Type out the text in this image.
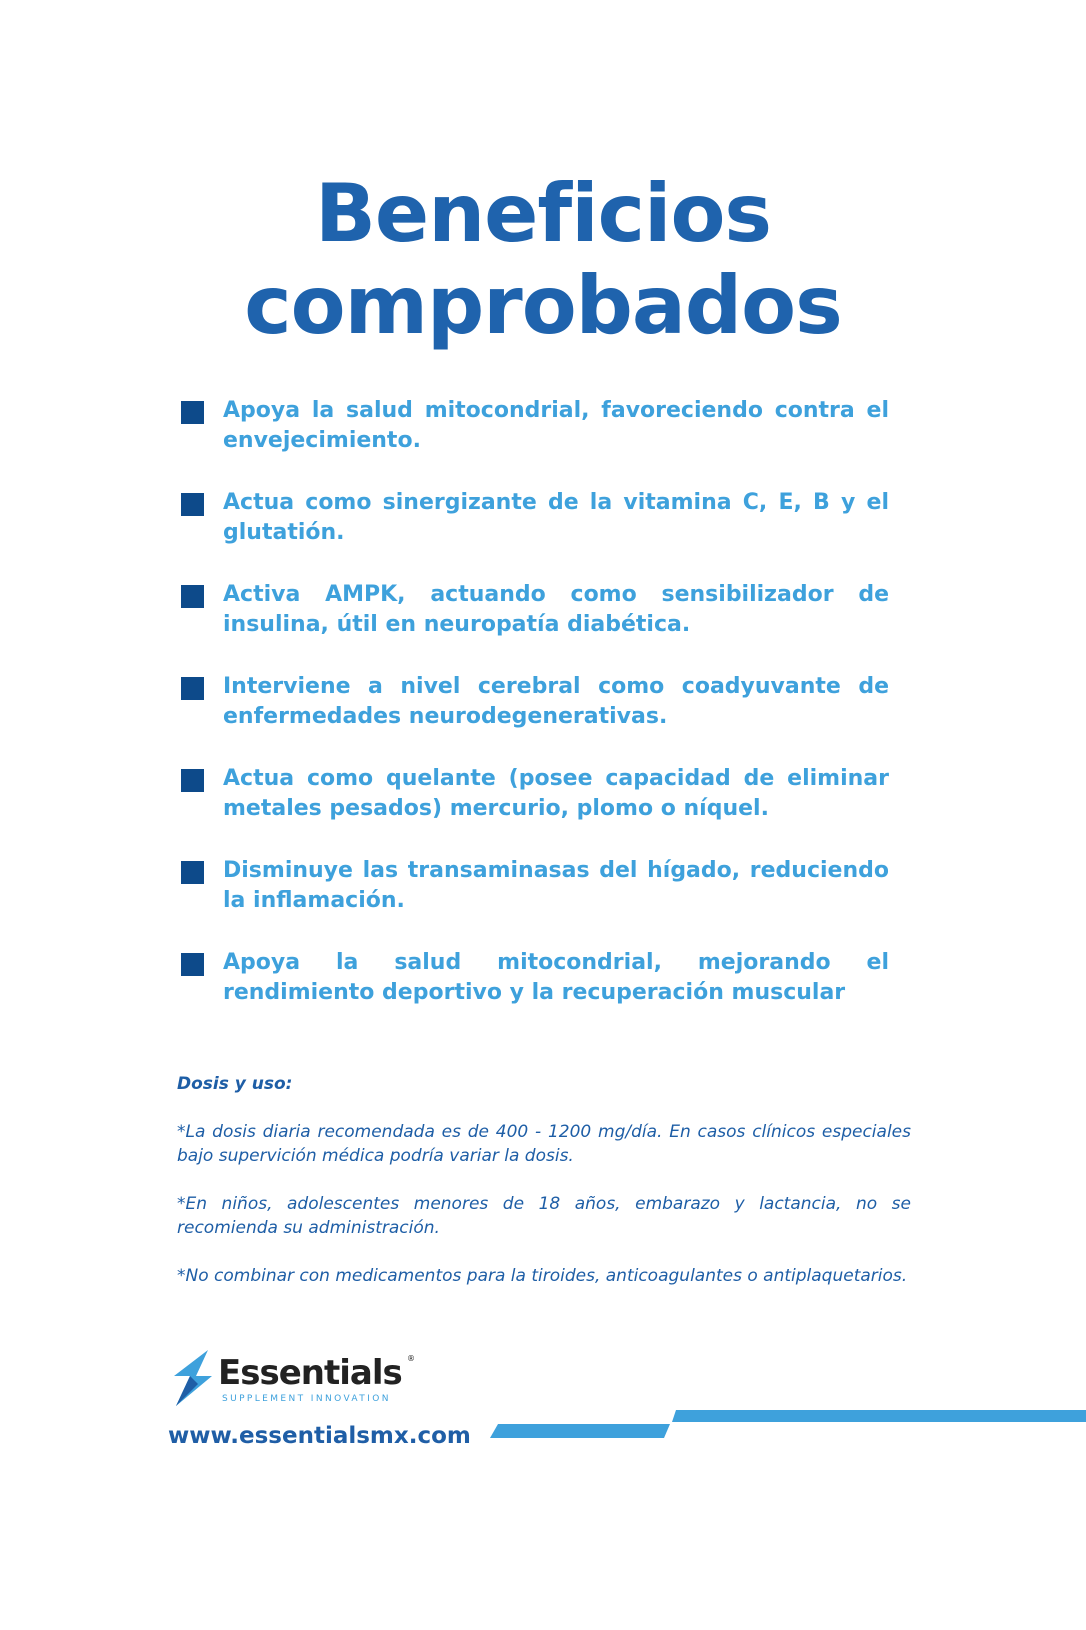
Beneficios
comprobados
Apoya la salud mitocondrial, favoreciendo contra el envejecimiento.
Actua como sinergizante de la vitamina C, E, B y el glutatión.
Activa AMPK, actuando como sensibilizador de insulina, útil en neuropatía diabética.
Interviene a nivel cerebral como coadyuvante de enfermedades neurodegenerativas.
Actua como quelante (posee capacidad de eliminar metales pesados) mercurio, plomo o níquel.
Disminuye las transaminasas del hígado, reduciendo la inflamación.
Apoya la salud mitocondrial, mejorando el rendimiento deportivo y la recuperación muscular

Dosis y uso:

*La dosis diaria recomendada es de 400 - 1200 mg/día. En casos clínicos especiales bajo supervición médica podría variar la dosis.

*En niños, adolescentes menores de 18 años, embarazo y lactancia, no se recomienda su administración.

*No combinar con medicamentos para la tiroides, anticoagulantes o antiplaquetarios.

Essentials ®
SUPPLEMENT INNOVATION
www.essentialsmx.com
